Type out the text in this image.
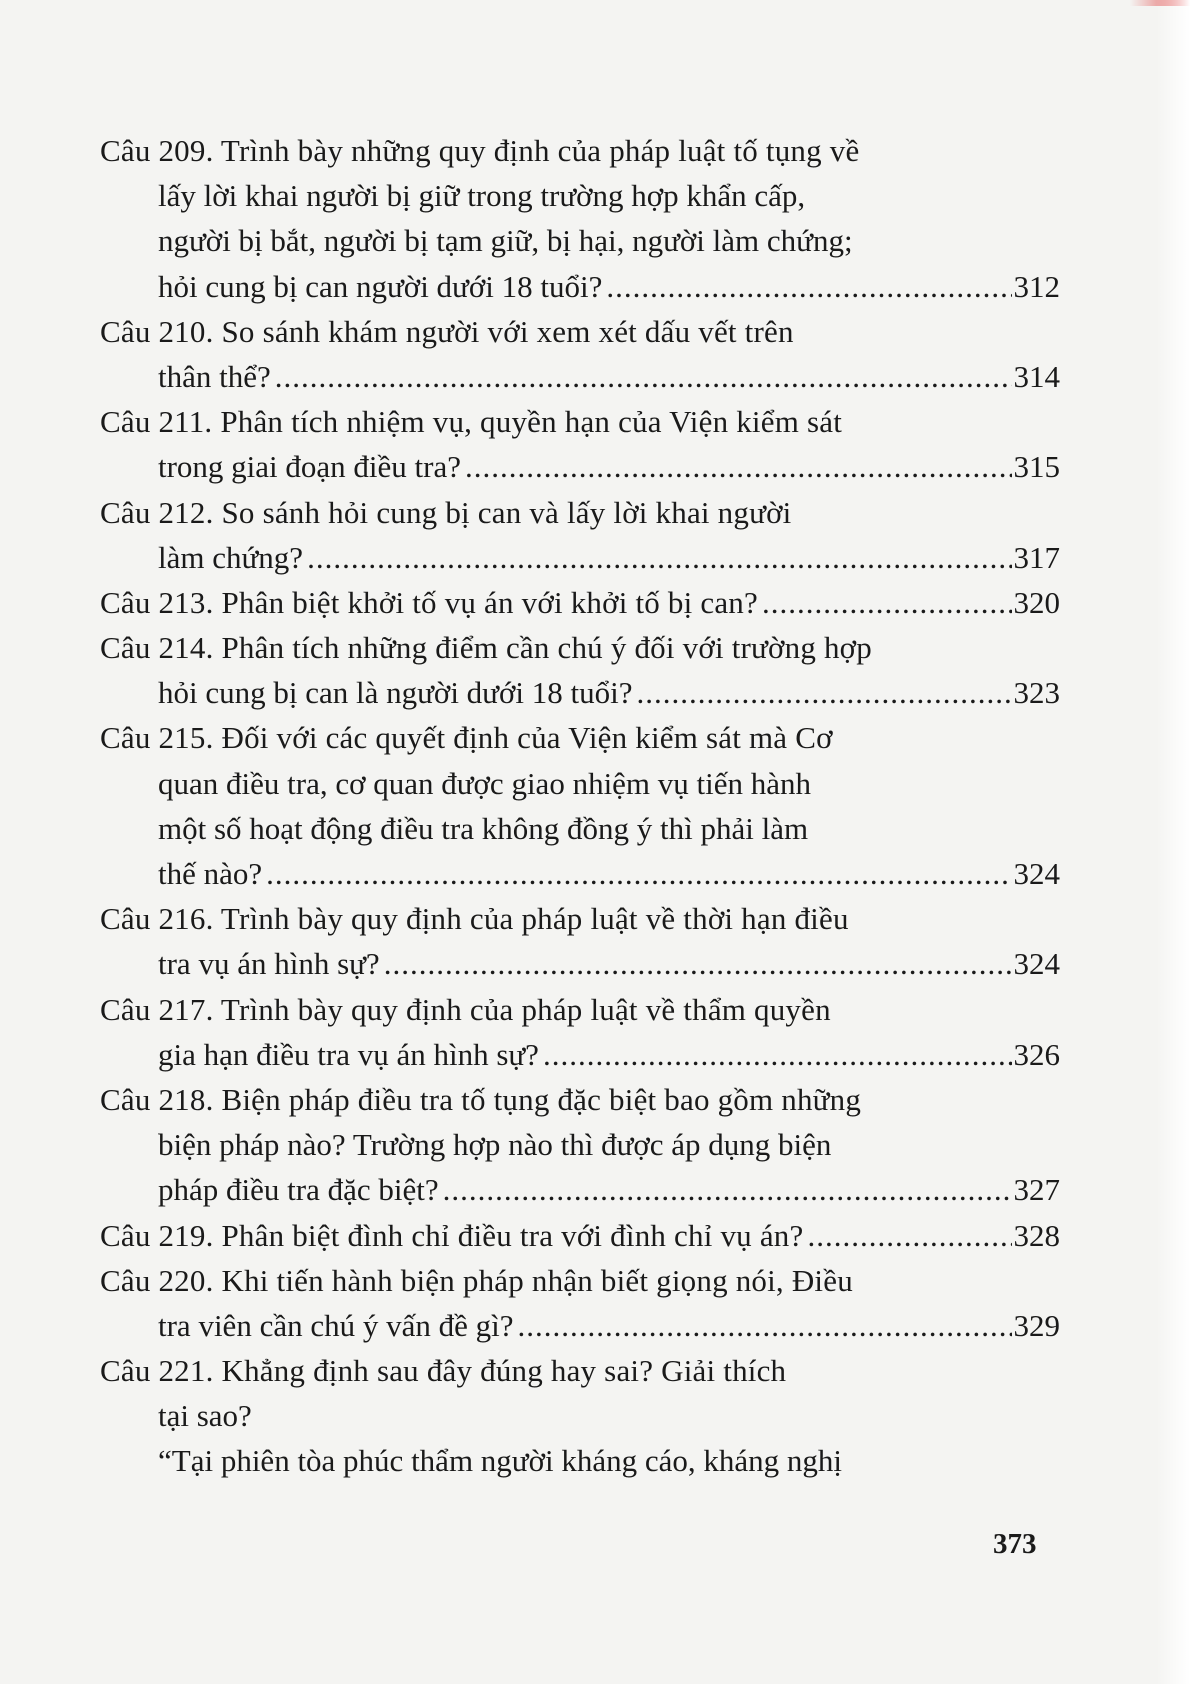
Câu 209. Trình bày những quy định của pháp luật tố tụng về
lấy lời khai người bị giữ trong trường hợp khẩn cấp,
người bị bắt, người bị tạm giữ, bị hại, người làm chứng;
hỏi cung bị can người dưới 18 tuổi? .....	312
Câu 210. So sánh khám người với xem xét dấu vết trên
thân thể? .....	314
Câu 211. Phân tích nhiệm vụ, quyền hạn của Viện kiểm sát
trong giai đoạn điều tra? .....	315
Câu 212. So sánh hỏi cung bị can và lấy lời khai người
làm chứng? .....	317
Câu 213. Phân biệt khởi tố vụ án với khởi tố bị can? .....	320
Câu 214. Phân tích những điểm cần chú ý đối với trường hợp
hỏi cung bị can là người dưới 18 tuổi? .....	323
Câu 215. Đối với các quyết định của Viện kiểm sát mà Cơ
quan điều tra, cơ quan được giao nhiệm vụ tiến hành
một số hoạt động điều tra không đồng ý thì phải làm
thế nào? .....	324
Câu 216. Trình bày quy định của pháp luật về thời hạn điều
tra vụ án hình sự? .....	324
Câu 217. Trình bày quy định của pháp luật về thẩm quyền
gia hạn điều tra vụ án hình sự? .....	326
Câu 218. Biện pháp điều tra tố tụng đặc biệt bao gồm những
biện pháp nào? Trường hợp nào thì được áp dụng biện
pháp điều tra đặc biệt? .....	327
Câu 219. Phân biệt đình chỉ điều tra với đình chỉ vụ án? .....	328
Câu 220. Khi tiến hành biện pháp nhận biết giọng nói, Điều
tra viên cần chú ý vấn đề gì? .....	329
Câu 221. Khẳng định sau đây đúng hay sai? Giải thích
tại sao?
“Tại phiên tòa phúc thẩm người kháng cáo, kháng nghị
373
